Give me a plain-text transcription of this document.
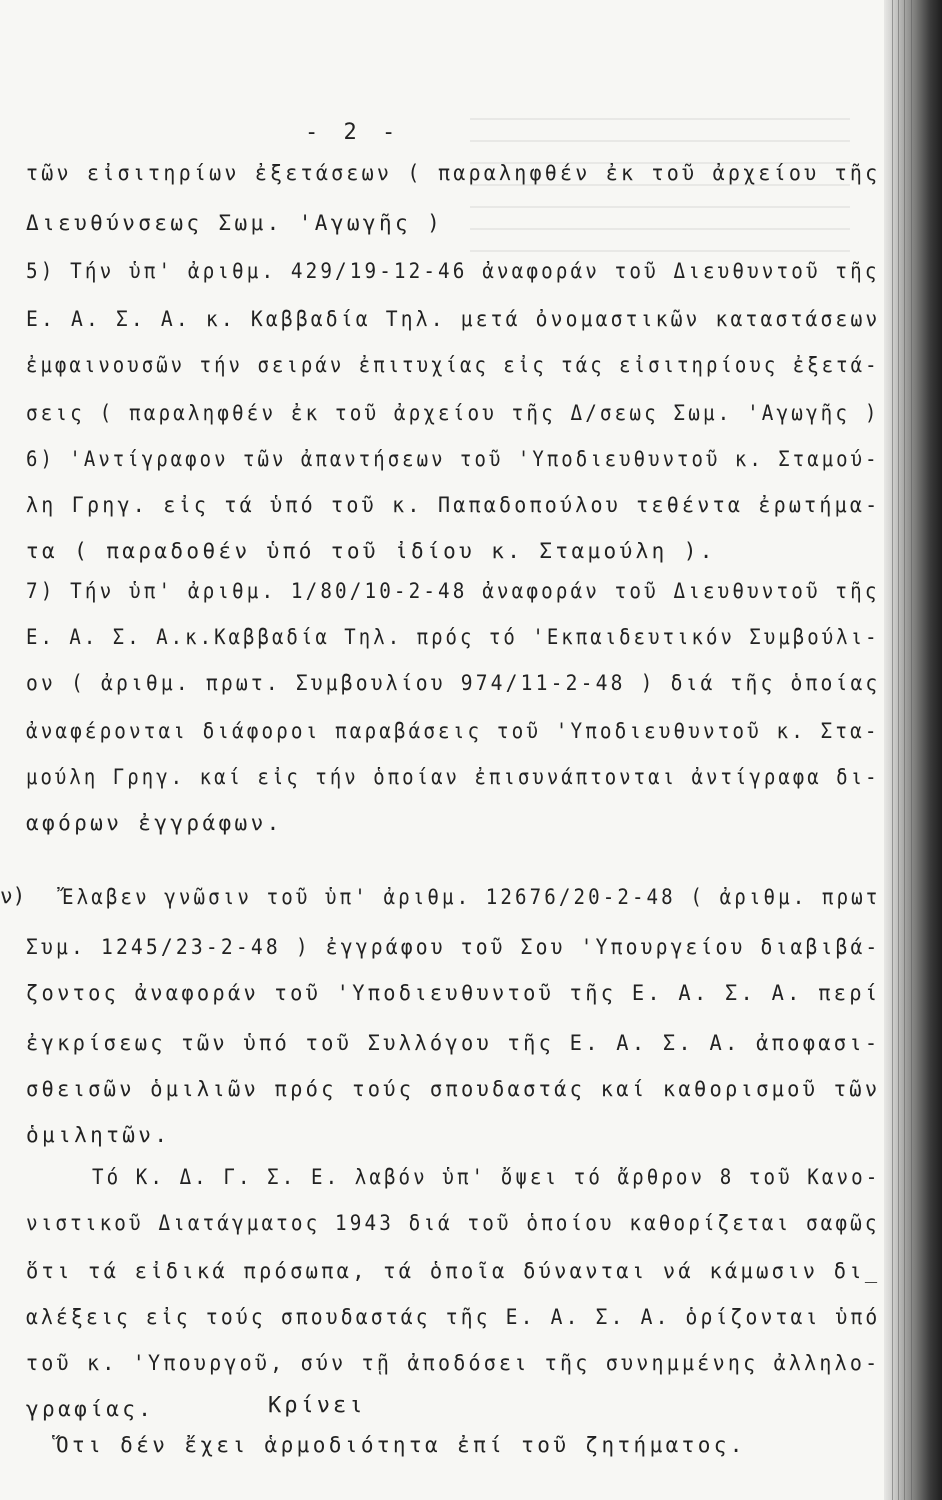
- 2 -
τῶν εἰσιτηρίων ἐξετάσεων ( παραληφθέν ἐκ τοῦ ἀρχείου τῆς
Διευθύνσεως Σωμ. 'Αγωγῆς )
5) Τήν ὑπ' ἀριθμ. 429/19-12-46 ἀναφοράν τοῦ Διευθυντοῦ τῆς
Ε. Α. Σ. Α. κ. Καββαδία Τηλ. μετά ὀνομαστικῶν καταστάσεων
ἐμφαινουσῶν τήν σειράν ἐπιτυχίας εἰς τάς εἰσιτηρίους ἐξετά-
σεις ( παραληφθέν ἐκ τοῦ ἀρχείου τῆς Δ/σεως Σωμ. 'Αγωγῆς )
6) 'Αντίγραφον τῶν ἀπαντήσεων τοῦ 'Υποδιευθυντοῦ κ. Σταμού-
λη Γρηγ. εἰς τά ὑπό τοῦ κ. Παπαδοπούλου τεθέντα ἐρωτήμα-
τα ( παραδοθέν ὑπό τοῦ ἰδίου κ. Σταμούλη ).
7) Τήν ὑπ' ἀριθμ. 1/80/10-2-48 ἀναφοράν τοῦ Διευθυντοῦ τῆς
Ε. Α. Σ. Α.κ.Καββαδία Τηλ. πρός τό 'Εκπαιδευτικόν Συμβούλι-
ον ( ἀριθμ. πρωτ. Συμβουλίου 974/11-2-48 ) διά τῆς ὁποίας
ἀναφέρονται διάφοροι παραβάσεις τοῦ 'Υποδιευθυντοῦ κ. Στα-
μούλη Γρηγ. καί εἰς τήν ὁποίαν ἐπισυνάπτονται ἀντίγραφα δι-
αφόρων ἐγγράφων.
ν) Ἔλαβεν γνῶσιν τοῦ ὑπ' ἀριθμ. 12676/20-2-48 ( ἀριθμ. πρωτ
Συμ. 1245/23-2-48 ) ἐγγράφου τοῦ Σου 'Υπουργείου διαβιβά-
ζοντος ἀναφοράν τοῦ 'Υποδιευθυντοῦ τῆς Ε. Α. Σ. Α. περί
ἐγκρίσεως τῶν ὑπό τοῦ Συλλόγου τῆς Ε. Α. Σ. Α. ἀποφασι-
σθεισῶν ὁμιλιῶν πρός τούς σπουδαστάς καί καθορισμοῦ τῶν
ὁμιλητῶν.
Τό Κ. Δ. Γ. Σ. Ε. λαβόν ὑπ' ὄψει τό ἄρθρον 8 τοῦ Κανο-
νιστικοῦ Διατάγματος 1943 διά τοῦ ὁποίου καθορίζεται σαφῶς
ὅτι τά εἰδικά πρόσωπα, τά ὁποῖα δύνανται νά κάμωσιν δι_
αλέξεις εἰς τούς σπουδαστάς τῆς Ε. Α. Σ. Α. ὁρίζονται ὑπό
τοῦ κ. 'Υπουργοῦ, σύν τῇ ἀποδόσει τῆς συνημμένης ἀλληλο-
γραφίας.	Κρίνει
Ὅτι δέν ἔχει ἁρμοδιότητα ἐπί τοῦ ζητήματος.
